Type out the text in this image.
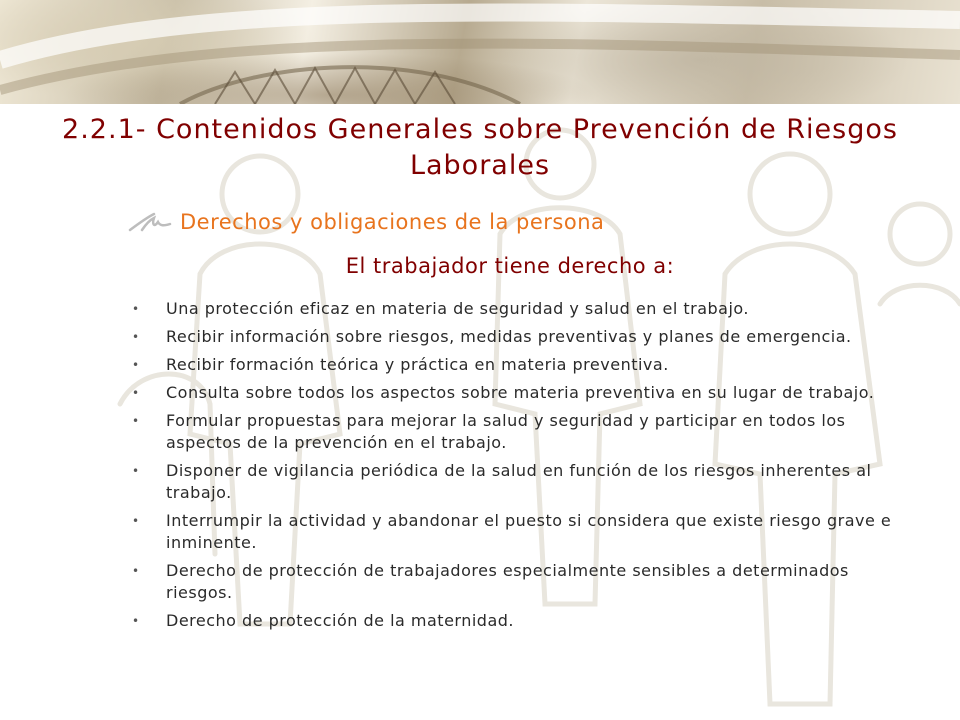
2.2.1- Contenidos Generales sobre Prevención de Riesgos Laborales
Derechos y obligaciones de la persona
El trabajador tiene derecho a:
• Una protección eficaz en materia de seguridad y salud en el trabajo.
• Recibir información sobre riesgos, medidas preventivas y planes de emergencia.
• Recibir formación teórica y práctica en materia preventiva.
• Consulta sobre todos los aspectos sobre materia preventiva en su lugar de trabajo.
• Formular propuestas para mejorar la salud y seguridad y participar en todos los aspectos de la prevención en el trabajo.
• Disponer de vigilancia periódica de la salud en función de los riesgos inherentes al trabajo.
• Interrumpir la actividad y abandonar el puesto si considera que existe riesgo grave e inminente.
• Derecho de protección de trabajadores especialmente sensibles a determinados riesgos.
• Derecho de protección de la maternidad.
